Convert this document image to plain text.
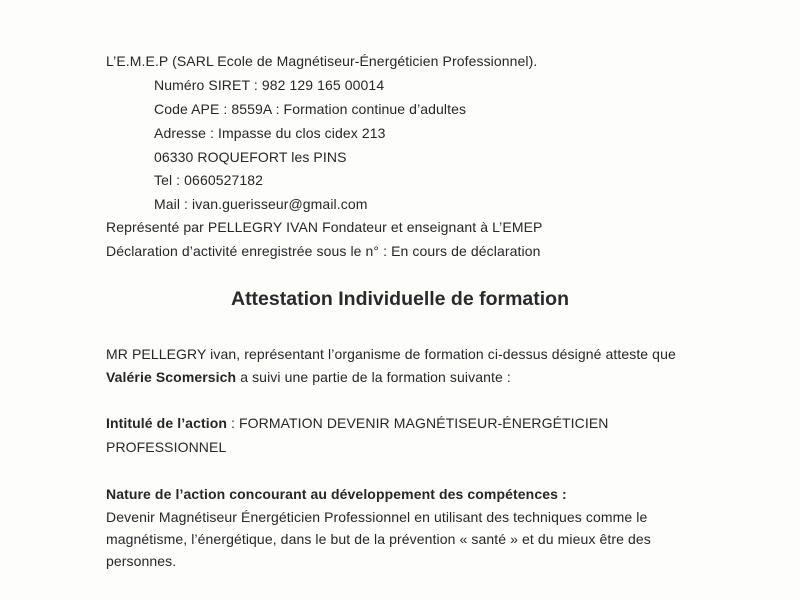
L’E.M.E.P (SARL Ecole de Magnétiseur-Énergéticien Professionnel).
Numéro SIRET : 982 129 165 00014
Code APE : 8559A : Formation continue d’adultes
Adresse : Impasse du clos cidex 213
06330 ROQUEFORT les PINS
Tel : 0660527182
Mail : ivan.guerisseur@gmail.com
Représenté par PELLEGRY IVAN Fondateur et enseignant à L’EMEP
Déclaration d’activité enregistrée sous le n° : En cours de déclaration
Attestation Individuelle de formation
MR PELLEGRY ivan, représentant l’organisme de formation ci-dessus désigné atteste que
Valérie Scomersich a suivi une partie de la formation suivante :
Intitulé de l’action : FORMATION DEVENIR MAGNÉTISEUR-ÉNERGÉTICIEN
PROFESSIONNEL
Nature de l’action concourant au développement des compétences :
Devenir Magnétiseur Énergéticien Professionnel en utilisant des techniques comme le
magnétisme, l’énergétique, dans le but de la prévention « santé » et du mieux être des
personnes.
